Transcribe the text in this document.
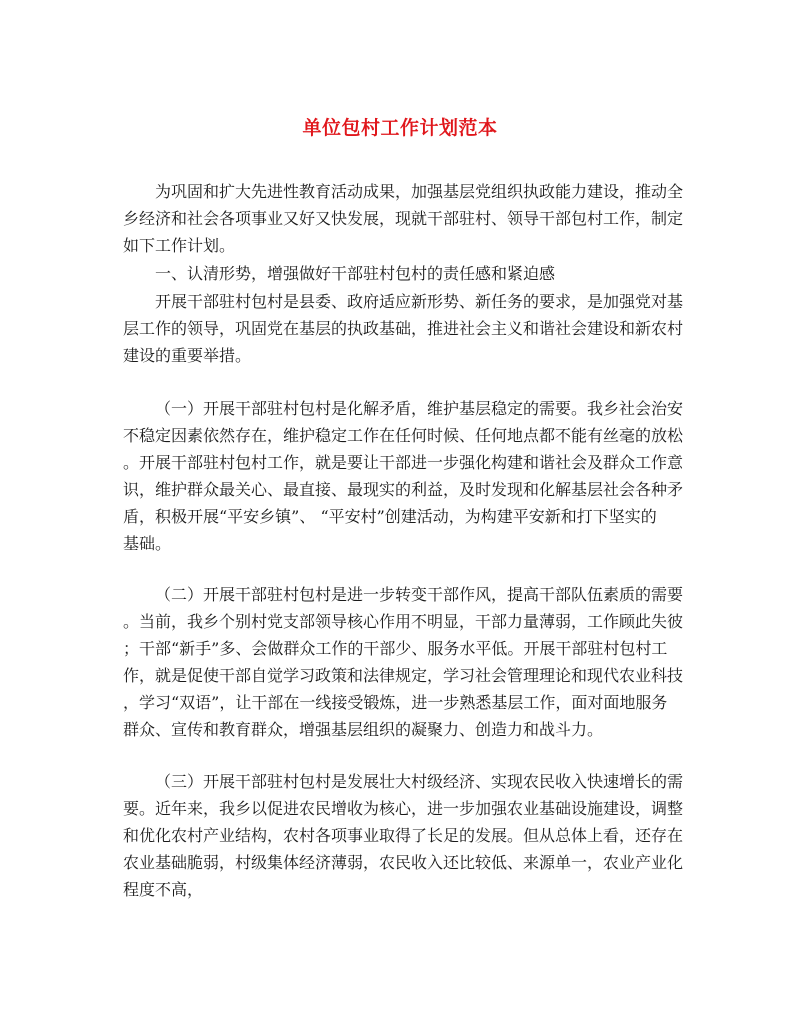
单位包村工作计划范本
为巩固和扩大先进性教育活动成果，加强基层党组织执政能力建设，推动全
乡经济和社会各项事业又好又快发展，现就干部驻村、领导干部包村工作，制定
如下工作计划。
一、认清形势，增强做好干部驻村包村的责任感和紧迫感
开展干部驻村包村是县委、政府适应新形势、新任务的要求，是加强党对基
层工作的领导，巩固党在基层的执政基础，推进社会主义和谐社会建设和新农村
建设的重要举措。
（一）开展干部驻村包村是化解矛盾，维护基层稳定的需要。我乡社会治安
不稳定因素依然存在，维护稳定工作在任何时候、任何地点都不能有丝毫的放松
。开展干部驻村包村工作，就是要让干部进一步强化构建和谐社会及群众工作意
识，维护群众最关心、最直接、最现实的利益，及时发现和化解基层社会各种矛
盾，积极开展“平安乡镇”、 “平安村”创建活动，为构建平安新和打下坚实的
基础。
（二）开展干部驻村包村是进一步转变干部作风，提高干部队伍素质的需要
。当前，我乡个别村党支部领导核心作用不明显，干部力量薄弱，工作顾此失彼
；干部“新手”多、会做群众工作的干部少、服务水平低。开展干部驻村包村工
作，就是促使干部自觉学习政策和法律规定，学习社会管理理论和现代农业科技
，学习“双语”，让干部在一线接受锻炼，进一步熟悉基层工作，面对面地服务
群众、宣传和教育群众，增强基层组织的凝聚力、创造力和战斗力。
（三）开展干部驻村包村是发展壮大村级经济、实现农民收入快速增长的需
要。近年来，我乡以促进农民增收为核心，进一步加强农业基础设施建设，调整
和优化农村产业结构，农村各项事业取得了长足的发展。但从总体上看，还存在
农业基础脆弱，村级集体经济薄弱，农民收入还比较低、来源单一，农业产业化
程度不高，
